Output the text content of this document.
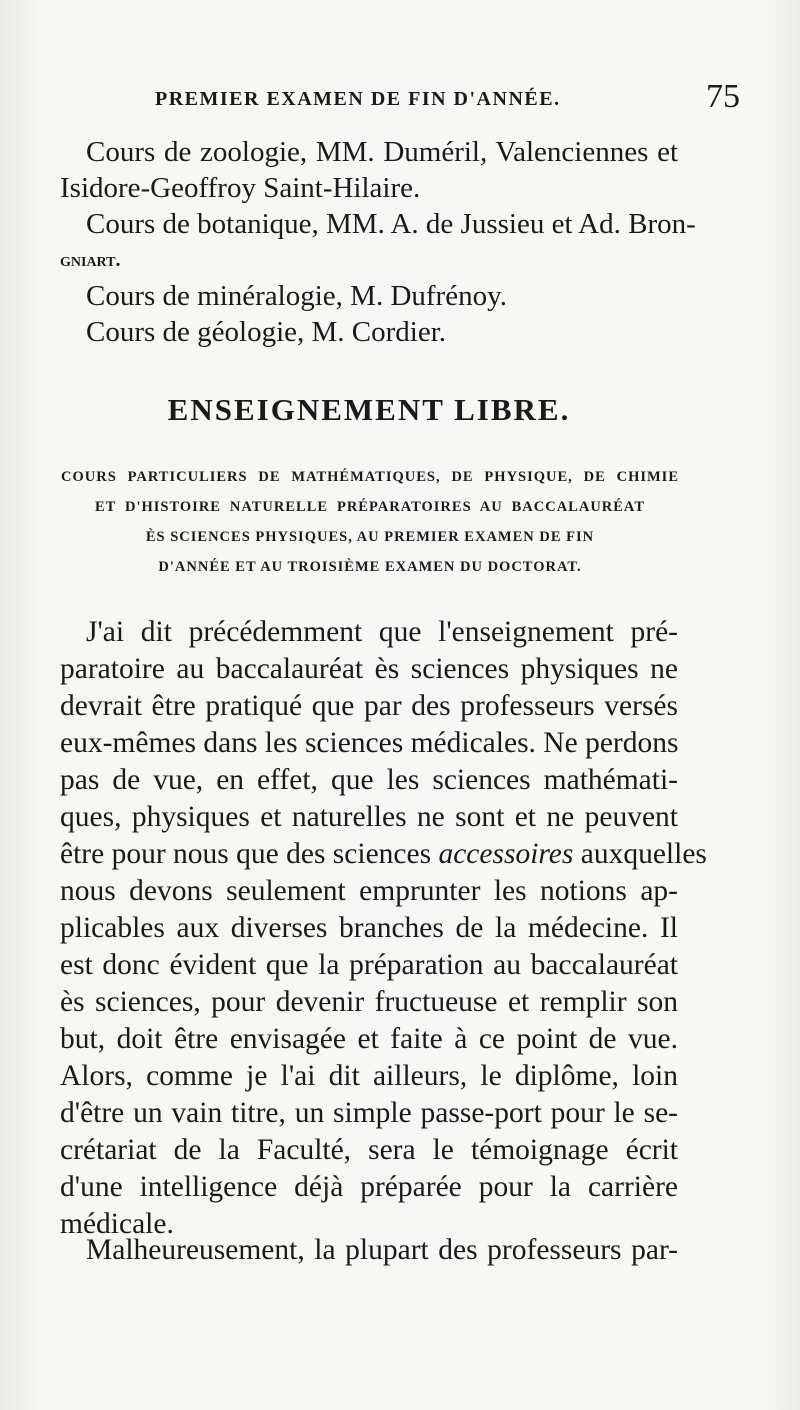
PREMIER EXAMEN DE FIN D'ANNÉE.	75
Cours de zoologie, MM. Duméril, Valenciennes et
Isidore-Geoffroy Saint-Hilaire.
Cours de botanique, MM. A. de Jussieu et Ad. Bron-
gniart.
Cours de minéralogie, M. Dufrénoy.
Cours de géologie, M. Cordier.
ENSEIGNEMENT LIBRE.
COURS PARTICULIERS DE MATHÉMATIQUES, DE PHYSIQUE, DE CHIMIE
ET D'HISTOIRE NATURELLE PRÉPARATOIRES AU BACCALAURÉAT
ÈS SCIENCES PHYSIQUES, AU PREMIER EXAMEN DE FIN
D'ANNÉE ET AU TROISIÈME EXAMEN DU DOCTORAT.
J'ai dit précédemment que l'enseignement pré-
paratoire au baccalauréat ès sciences physiques ne
devrait être pratiqué que par des professeurs versés
eux-mêmes dans les sciences médicales. Ne perdons
pas de vue, en effet, que les sciences mathémati-
ques, physiques et naturelles ne sont et ne peuvent
être pour nous que des sciences accessoires auxquelles
nous devons seulement emprunter les notions ap-
plicables aux diverses branches de la médecine. Il
est donc évident que la préparation au baccalauréat
ès sciences, pour devenir fructueuse et remplir son
but, doit être envisagée et faite à ce point de vue.
Alors, comme je l'ai dit ailleurs, le diplôme, loin
d'être un vain titre, un simple passe-port pour le se-
crétariat de la Faculté, sera le témoignage écrit
d'une intelligence déjà préparée pour la carrière
médicale.
Malheureusement, la plupart des professeurs par-
